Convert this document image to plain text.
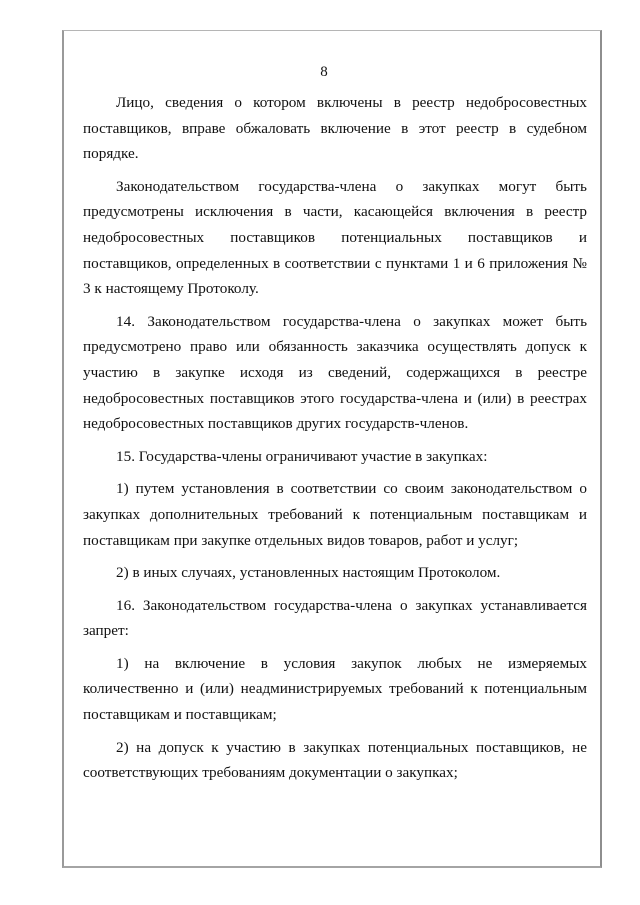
8

Лицо, сведения о котором включены в реестр недобросовестных поставщиков, вправе обжаловать включение в этот реестр в судебном порядке.

Законодательством государства-члена о закупках могут быть предусмотрены исключения в части, касающейся включения в реестр недобросовестных поставщиков потенциальных поставщиков и поставщиков, определенных в соответствии с пунктами 1 и 6 приложения № 3 к настоящему Протоколу.

14. Законодательством государства-члена о закупках может быть предусмотрено право или обязанность заказчика осуществлять допуск к участию в закупке исходя из сведений, содержащихся в реестре недобросовестных поставщиков этого государства-члена и (или) в реестрах недобросовестных поставщиков других государств-членов.

15. Государства-члены ограничивают участие в закупках:

1) путем установления в соответствии со своим законодательством о закупках дополнительных требований к потенциальным поставщикам и поставщикам при закупке отдельных видов товаров, работ и услуг;

2) в иных случаях, установленных настоящим Протоколом.

16. Законодательством государства-члена о закупках устанавливается запрет:

1) на включение в условия закупок любых не измеряемых количественно и (или) неадминистрируемых требований к потенциальным поставщикам и поставщикам;

2) на допуск к участию в закупках потенциальных поставщиков, не соответствующих требованиям документации о закупках;
